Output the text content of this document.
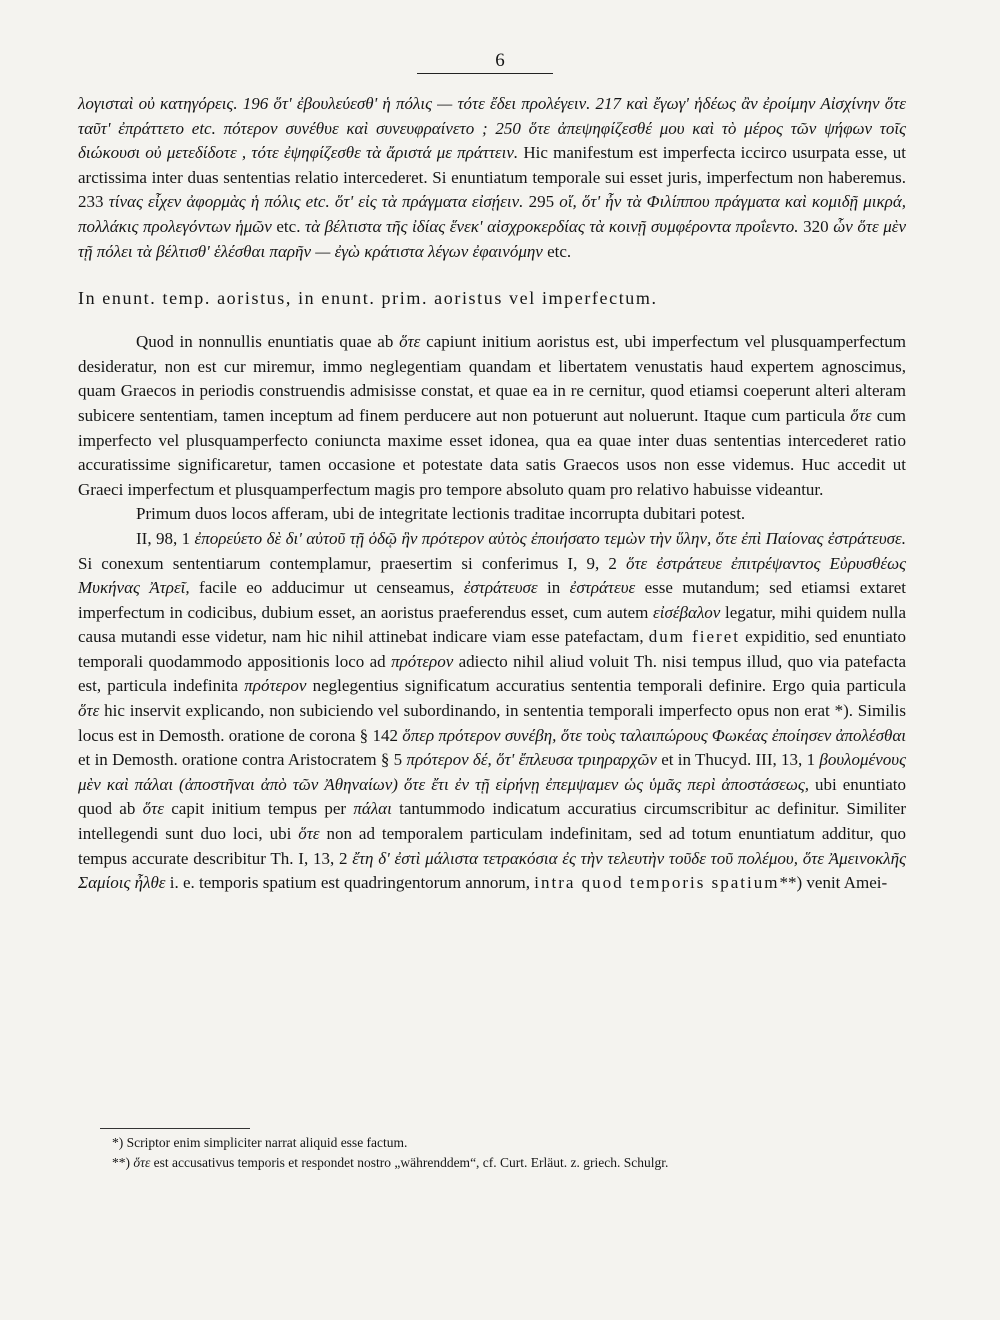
6

λογισταὶ οὐ κατηγόρεις. 196 ὅτ' ἐβουλεύεσθ' ἡ πόλις — τότε ἔδει προλέγειν. 217 καὶ ἔγωγ' ἡδέως ἂν ἐροίμην Αἰσχίνην ὅτε ταῦτ' ἐπράττετο etc. πότερον συνέθυε καὶ συνευφραίνετο ; 250 ὅτε ἀπεψηφίζεσθέ μου καὶ τὸ μέρος τῶν ψήφων τοῖς διώκουσι οὐ μετεδίδοτε , τότε ἐψηφίζεσθε τὰ ἄριστά με πράττειν. Hic manifestum est imperfecta iccirco usurpata esse, ut arctissima inter duas sententias relatio intercederet. Si enuntiatum temporale sui esset juris, imperfectum non haberemus. 233 τίνας εἶχεν ἀφορμὰς ἡ πόλις etc. ὅτ' εἰς τὰ πράγματα εἰσῄειν. 295 οἵ, ὅτ' ἦν τὰ Φιλίππου πράγματα καὶ κομιδῇ μικρά, πολλάκις προλεγόντων ἡμῶν etc. τὰ βέλτιστα τῆς ἰδίας ἕνεκ' αἰσχροκερδίας τὰ κοινῇ συμφέροντα προΐεντο. 320 ὧν ὅτε μὲν τῇ πόλει τὰ βέλτισθ' ἑλέσθαι παρῆν — ἐγὼ κράτιστα λέγων ἐφαινόμην etc.

In enunt. temp. aoristus, in enunt. prim. aoristus vel imperfectum.

Quod in nonnullis enuntiatis quae ab ὅτε capiunt initium aoristus est, ubi imperfectum vel plusquamperfectum desideratur, non est cur miremur, immo neglegentiam quandam et libertatem venustatis haud expertem agnoscimus, quam Graecos in periodis construendis admisisse constat, et quae ea in re cernitur, quod etiamsi coeperunt alteri alteram subicere sententiam, tamen inceptum ad finem perducere aut non potuerunt aut noluerunt. Itaque cum particula ὅτε cum imperfecto vel plusquamperfecto coniuncta maxime esset idonea, qua ea quae inter duas sententias intercederet ratio accuratissime significaretur, tamen occasione et potestate data satis Graecos usos non esse videmus. Huc accedit ut Graeci imperfectum et plusquamperfectum magis pro tempore absoluto quam pro relativo habuisse videantur.

Primum duos locos afferam, ubi de integritate lectionis traditae incorrupta dubitari potest.

II, 98, 1 ἐπορεύετο δὲ δι' αὐτοῦ τῇ ὁδῷ ἣν πρότερον αὐτὸς ἐποιήσατο τεμὼν τὴν ὕλην, ὅτε ἐπὶ Παίονας ἐστράτευσε. Si conexum sententiarum contemplamur, praesertim si conferimus I, 9, 2 ὅτε ἐστράτευε ἐπιτρέψαντος Εὐρυσθέως Μυκήνας Ἀτρεῖ, facile eo adducimur ut censeamus, ἐστράτευσε in ἐστράτευε esse mutandum; sed etiamsi extaret imperfectum in codicibus, dubium esset, an aoristus praeferendus esset, cum autem εἰσέβαλον legatur, mihi quidem nulla causa mutandi esse videtur, nam hic nihil attinebat indicare viam esse patefactam, dum fieret expiditio, sed enuntiato temporali quodammodo appositionis loco ad πρότερον adiecto nihil aliud voluit Th. nisi tempus illud, quo via patefacta est, particula indefinita πρότερον neglegentius significatum accuratius sententia temporali definire. Ergo quia particula ὅτε hic inservit explicando, non subiciendo vel subordinando, in sententia temporali imperfecto opus non erat *). Similis locus est in Demosth. oratione de corona § 142 ὅπερ πρότερον συνέβη, ὅτε τοὺς ταλαιπώρους Φωκέας ἐποίησεν ἀπολέσθαι et in Demosth. oratione contra Aristocratem § 5 πρότερον δέ, ὅτ' ἔπλευσα τριηραρχῶν et in Thucyd. III, 13, 1 βουλομένους μὲν καὶ πάλαι (ἀποστῆναι ἀπὸ τῶν Ἀθηναίων) ὅτε ἔτι ἐν τῇ εἰρήνῃ ἐπεμψαμεν ὡς ὑμᾶς περὶ ἀποστάσεως, ubi enuntiato quod ab ὅτε capit initium tempus per πάλαι tantummodo indicatum accuratius circumscribitur ac definitur. Similiter intellegendi sunt duo loci, ubi ὅτε non ad temporalem particulam indefinitam, sed ad totum enuntiatum additur, quo tempus accurate describitur Th. I, 13, 2 ἔτη δ' ἐστὶ μάλιστα τετρακόσια ἐς τὴν τελευτὴν τοῦδε τοῦ πολέμου, ὅτε Ἀμεινοκλῆς Σαμίοις ἦλθε i. e. temporis spatium est quadringentorum annorum, intra quod temporis spatium**) venit Amei-

*) Scriptor enim simpliciter narrat aliquid esse factum.
**) ὅτε est accusativus temporis et respondet nostro „währenddem“, cf. Curt. Erläut. z. griech. Schulgr.
